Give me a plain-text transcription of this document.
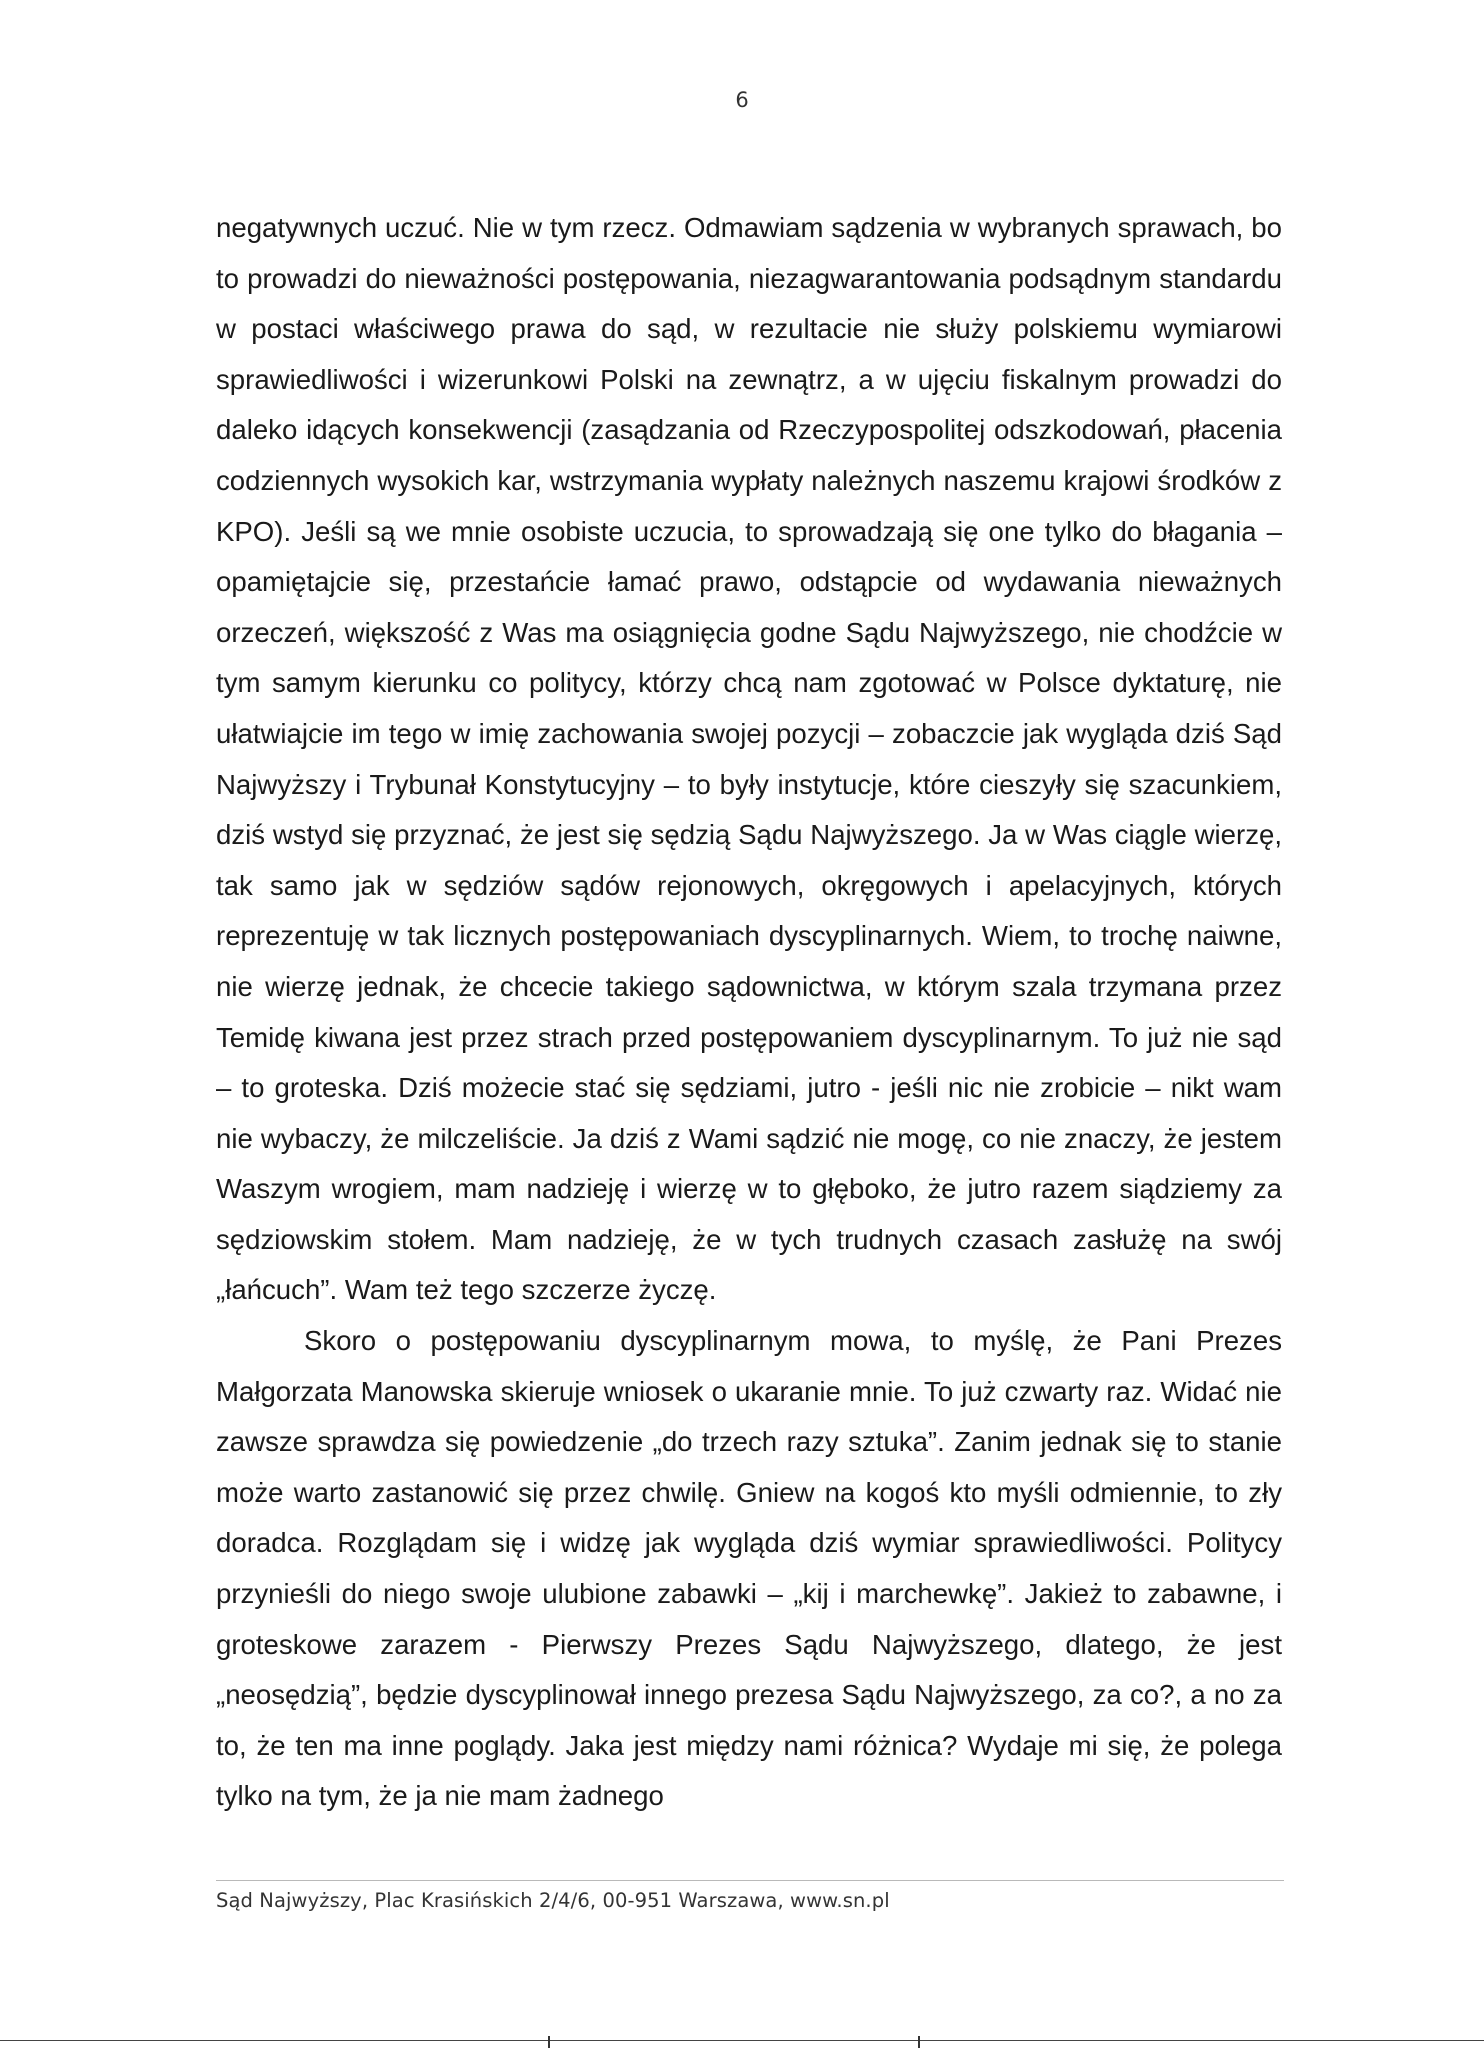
6

negatywnych uczuć. Nie w tym rzecz. Odmawiam sądzenia w wybranych sprawach, bo to prowadzi do nieważności postępowania, niezagwarantowania podsądnym standardu w postaci właściwego prawa do sąd, w rezultacie nie służy polskiemu wymiarowi sprawiedliwości i wizerunkowi Polski na zewnątrz, a w ujęciu fiskalnym prowadzi do daleko idących konsekwencji (zasądzania od Rzeczypospolitej odszkodowań, płacenia codziennych wysokich kar, wstrzymania wypłaty należnych naszemu krajowi środków z KPO). Jeśli są we mnie osobiste uczucia, to sprowadzają się one tylko do błagania – opamiętajcie się, przestańcie łamać prawo, odstąpcie od wydawania nieważnych orzeczeń, większość z Was ma osiągnięcia godne Sądu Najwyższego, nie chodźcie w tym samym kierunku co politycy, którzy chcą nam zgotować w Polsce dyktaturę, nie ułatwiajcie im tego w imię zachowania swojej pozycji – zobaczcie jak wygląda dziś Sąd Najwyższy i Trybunał Konstytucyjny – to były instytucje, które cieszyły się szacunkiem, dziś wstyd się przyznać, że jest się sędzią Sądu Najwyższego. Ja w Was ciągle wierzę, tak samo jak w sędziów sądów rejonowych, okręgowych i apelacyjnych, których reprezentuję w tak licznych postępowaniach dyscyplinarnych. Wiem, to trochę naiwne, nie wierzę jednak, że chcecie takiego sądownictwa, w którym szala trzymana przez Temidę kiwana jest przez strach przed postępowaniem dyscyplinarnym. To już nie sąd – to groteska. Dziś możecie stać się sędziami, jutro - jeśli nic nie zrobicie – nikt wam nie wybaczy, że milczeliście. Ja dziś z Wami sądzić nie mogę, co nie znaczy, że jestem Waszym wrogiem, mam nadzieję i wierzę w to głęboko, że jutro razem siądziemy za sędziowskim stołem. Mam nadzieję, że w tych trudnych czasach zasłużę na swój „łańcuch”. Wam też tego szczerze życzę.

Skoro o postępowaniu dyscyplinarnym mowa, to myślę, że Pani Prezes Małgorzata Manowska skieruje wniosek o ukaranie mnie. To już czwarty raz. Widać nie zawsze sprawdza się powiedzenie „do trzech razy sztuka”. Zanim jednak się to stanie może warto zastanowić się przez chwilę. Gniew na kogoś kto myśli odmiennie, to zły doradca. Rozglądam się i widzę jak wygląda dziś wymiar sprawiedliwości. Politycy przynieśli do niego swoje ulubione zabawki – „kij i marchewkę”. Jakież to zabawne, i groteskowe zarazem - Pierwszy Prezes Sądu Najwyższego, dlatego, że jest „neosędzią”, będzie dyscyplinował innego prezesa Sądu Najwyższego, za co?, a no za to, że ten ma inne poglądy. Jaka jest między nami różnica? Wydaje mi się, że polega tylko na tym, że ja nie mam żadnego

Sąd Najwyższy, Plac Krasińskich 2/4/6, 00-951 Warszawa, www.sn.pl
